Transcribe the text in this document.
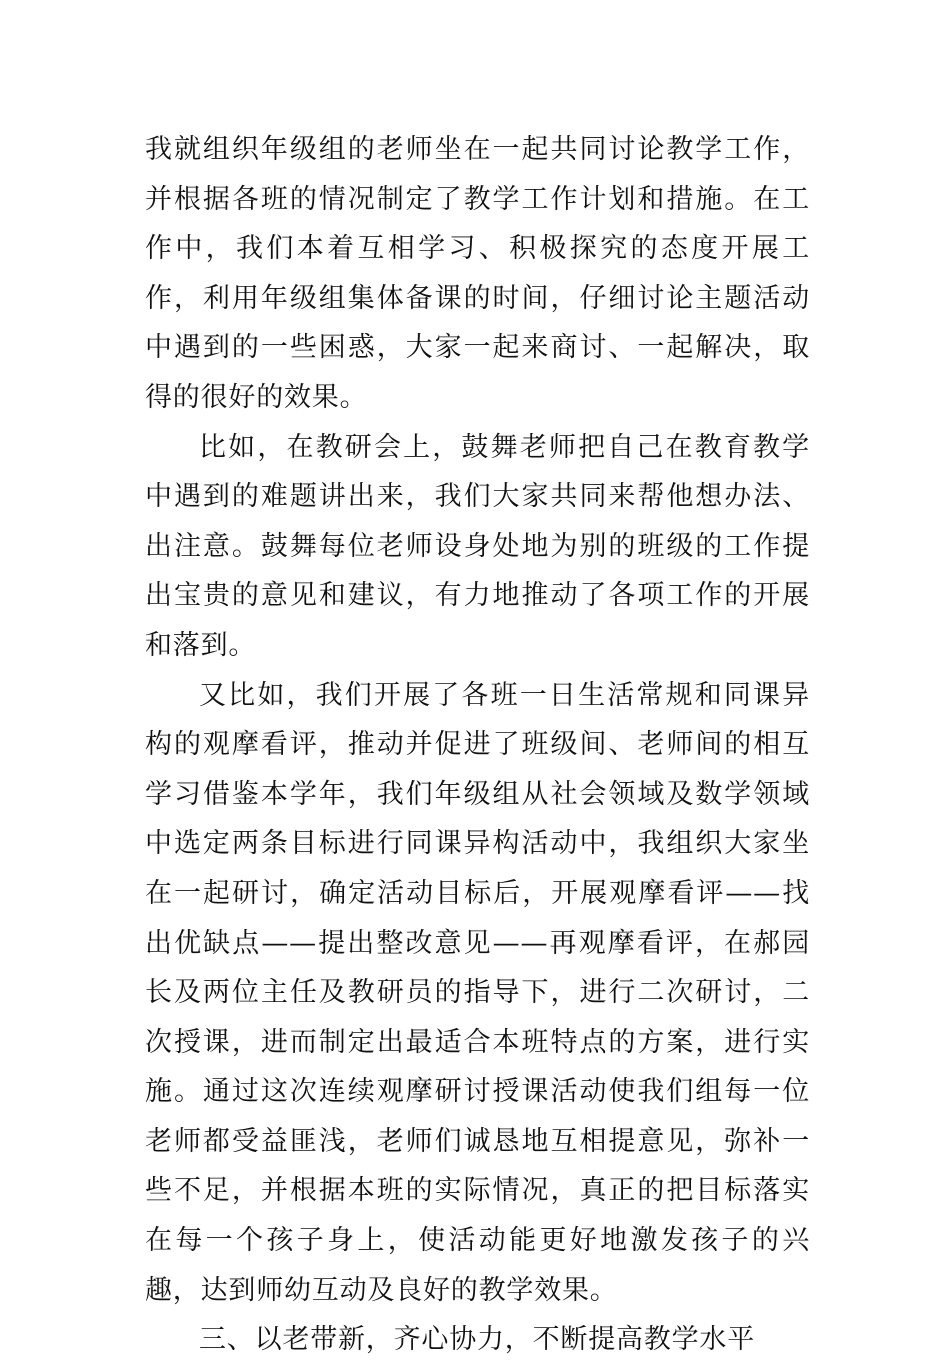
我就组织年级组的老师坐在一起共同讨论教学工作，并根据各班的情况制定了教学工作计划和措施。在工作中，我们本着互相学习、积极探究的态度开展工作，利用年级组集体备课的时间，仔细讨论主题活动中遇到的一些困惑，大家一起来商讨、一起解决，取得的很好的效果。

比如，在教研会上，鼓舞老师把自己在教育教学中遇到的难题讲出来，我们大家共同来帮他想办法、出注意。鼓舞每位老师设身处地为别的班级的工作提出宝贵的意见和建议，有力地推动了各项工作的开展和落到。

又比如，我们开展了各班一日生活常规和同课异构的观摩看评，推动并促进了班级间、老师间的相互学习借鉴本学年，我们年级组从社会领域及数学领域中选定两条目标进行同课异构活动中，我组织大家坐在一起研讨，确定活动目标后，开展观摩看评——找出优缺点——提出整改意见——再观摩看评，在郝园长及两位主任及教研员的指导下，进行二次研讨，二次授课，进而制定出最适合本班特点的方案，进行实施。通过这次连续观摩研讨授课活动使我们组每一位老师都受益匪浅，老师们诚恳地互相提意见，弥补一些不足，并根据本班的实际情况，真正的把目标落实在每一个孩子身上，使活动能更好地激发孩子的兴趣，达到师幼互动及良好的教学效果。

三、以老带新，齐心协力，不断提高教学水平
